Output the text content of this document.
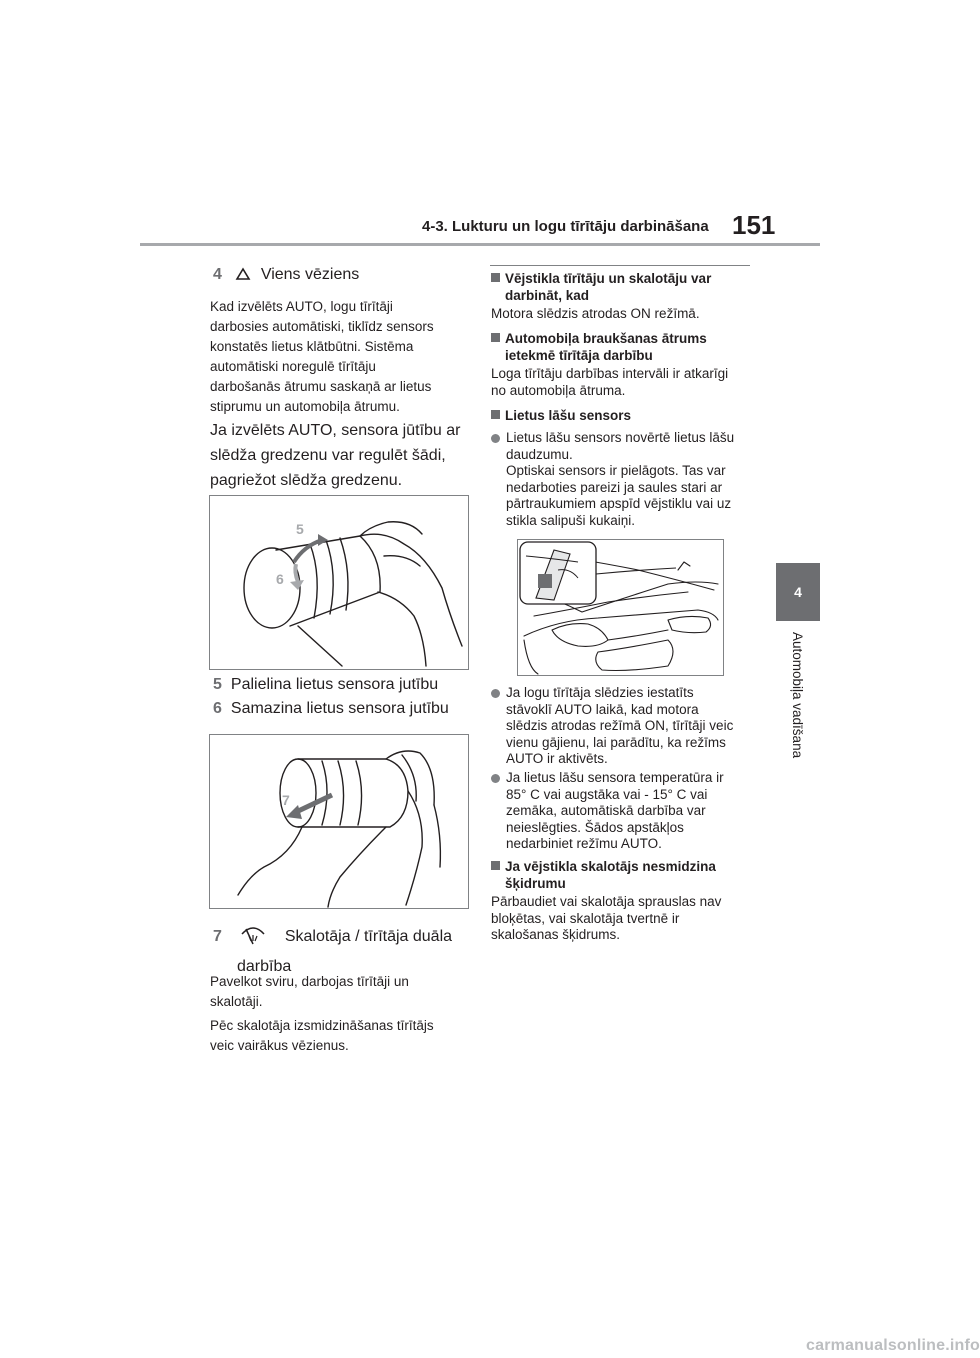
4-3. Lukturu un logu tīrītāju darbināšana 151
4
Automobiļa vadīšana
4 Viens vēziens
Kad izvēlēts AUTO, logu tīrītāji
darbosies automātiski, tiklīdz sensors
konstatēs lietus klātbūtni. Sistēma
automātiski noregulē tīrītāju
darbošanās ātrumu saskaņā ar lietus
stiprumu un automobiļa ātrumu.
Ja izvēlēts AUTO, sensora jūtību ar
slēdža gredzenu var regulēt šādi,
pagriežot slēdža gredzenu.
5
6
5 Palielina lietus sensora jutību
6 Samazina lietus sensora jutību
7
7	Skalotāja / tīrītāja duāla
darbība
Pavelkot sviru, darbojas tīrītāji un
skalotāji.
Pēc skalotāja izsmidzināšanas tīrītājs
veic vairākus vēzienus.
Vējstikla tīrītāju un skalotāju var
darbināt, kad
Motora slēdzis atrodas ON režīmā.
Automobiļa braukšanas ātrums
ietekmē tīrītāja darbību
Loga tīrītāju darbības intervāli ir atkarīgi
no automobiļa ātruma.
Lietus lāšu sensors
Lietus lāšu sensors novērtē lietus lāšu
daudzumu.
Optiskai sensors ir pielāgots. Tas var
nedarboties pareizi ja saules stari ar
pārtraukumiem apspīd vējstiklu vai uz
stikla salipuši kukaiņi.
Ja logu tīrītāja slēdzies iestatīts
stāvoklī AUTO laikā, kad motora
slēdzis atrodas režīmā ON, tīrītāji veic
vienu gājienu, lai parādītu, ka režīms
AUTO ir aktivēts.
Ja lietus lāšu sensora temperatūra ir
85° C vai augstāka vai - 15° C vai
zemāka, automātiskā darbība var
neieslēgties. Šādos apstākļos
nedarbiniet režīmu AUTO.
Ja vējstikla skalotājs nesmidzina
šķidrumu
Pārbaudiet vai skalotāja sprauslas nav
bloķētas, vai skalotāja tvertnē ir
skalošanas šķidrums.
carmanualsonline.info
